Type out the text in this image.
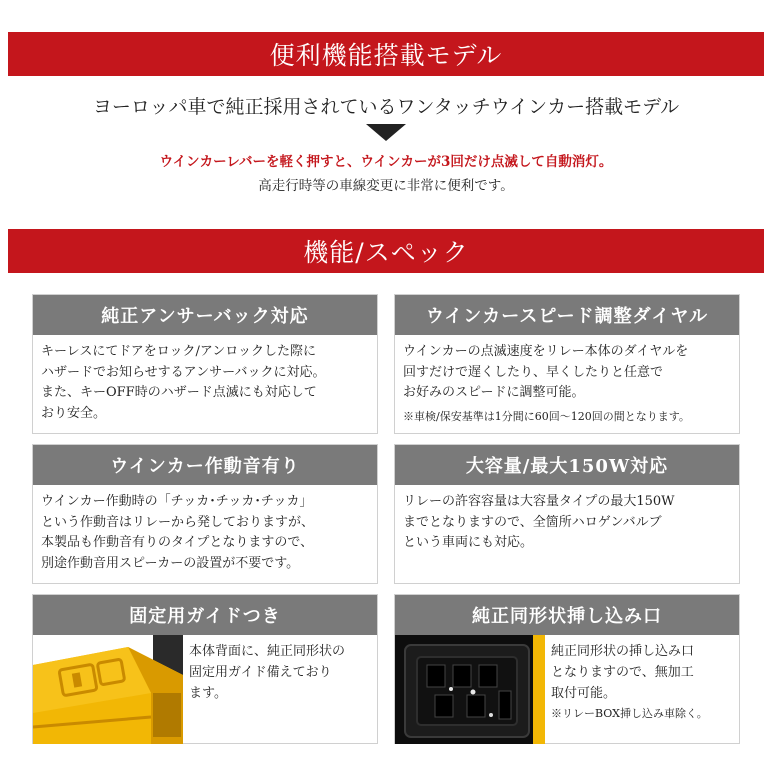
便利機能搭載モデル
ヨーロッパ車で純正採用されているワンタッチウインカー搭載モデル
ウインカーレバーを軽く押すと、ウインカーが3回だけ点滅して自動消灯。
高走行時等の車線変更に非常に便利です。
機能/スペック
純正アンサーバック対応
キーレスにてドアをロック/アンロックした際に
ハザードでお知らせするアンサーバックに対応。
また、キーOFF時のハザード点滅にも対応して
おり安全。
ウインカースピード調整ダイヤル
ウインカーの点滅速度をリレー本体のダイヤルを
回すだけで遅くしたり、早くしたりと任意で
お好みのスピードに調整可能。
※車検/保安基準は1分間に60回～120回の間となります。
ウインカー作動音有り
ウインカー作動時の「チッカ･チッカ･チッカ」
という作動音はリレーから発しておりますが、
本製品も作動音有りのタイプとなりますので、
別途作動音用スピーカーの設置が不要です。
大容量/最大150W対応
リレーの許容容量は大容量タイプの最大150W
までとなりますので、全箇所ハロゲンバルブ
という車両にも対応。
固定用ガイドつき
本体背面に、純正同形状の
固定用ガイド備えており
ます。
純正同形状挿し込み口
純正同形状の挿し込み口
となりますので、無加工
取付可能。
※リレーBOX挿し込み車除く。
